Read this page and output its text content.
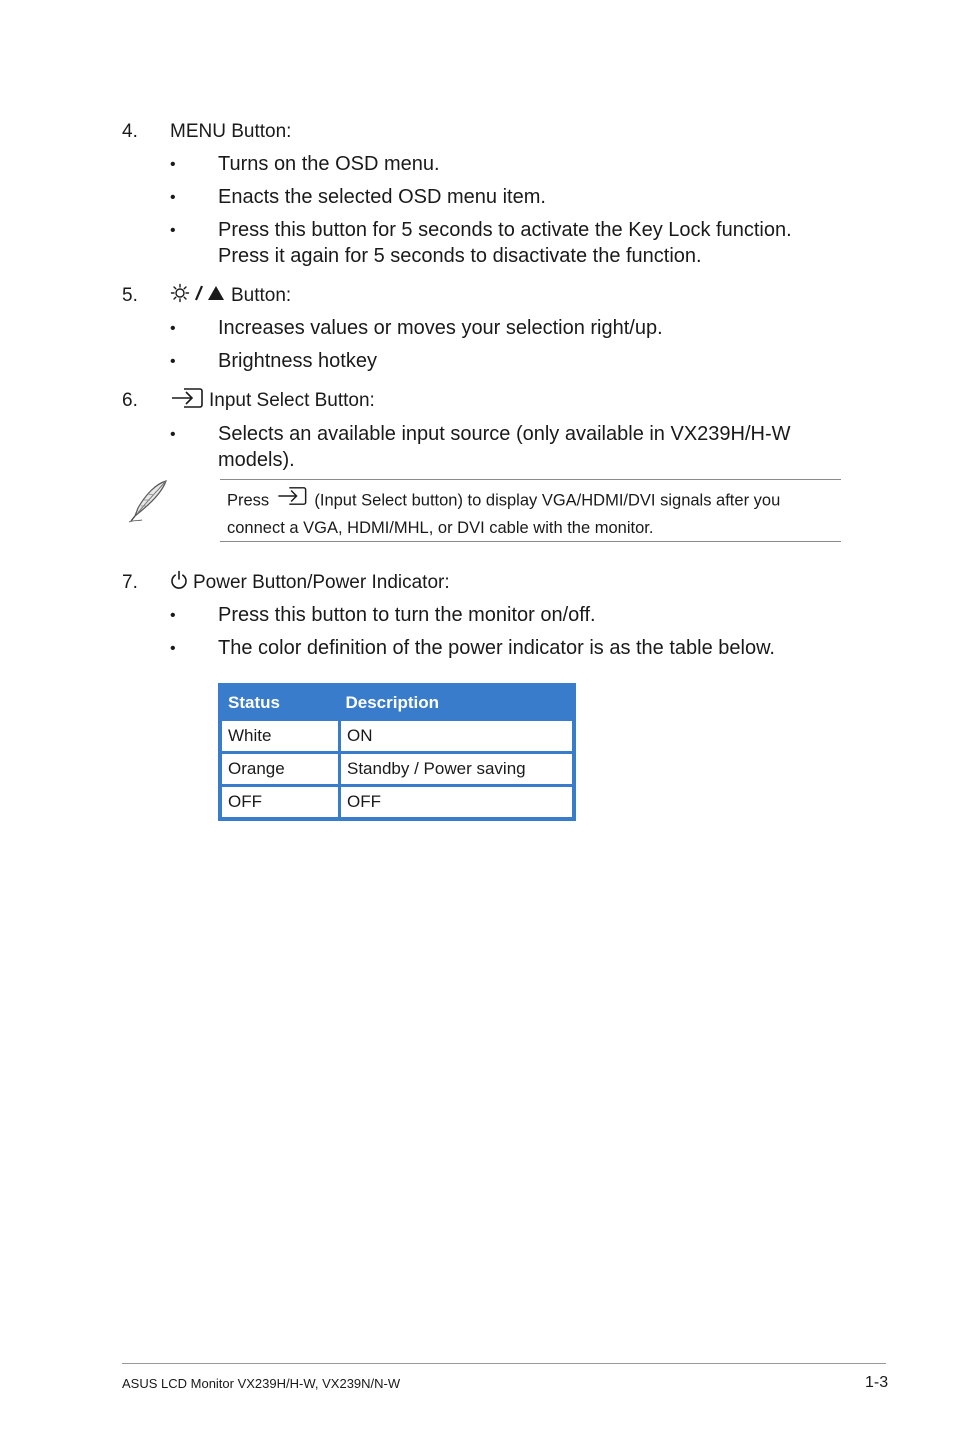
4. MENU Button:
• Turns on the OSD menu.
• Enacts the selected OSD menu item.
• Press this button for 5 seconds to activate the Key Lock function. Press it again for 5 seconds to disactivate the function.
5.	Button:
• Increases values or moves your selection right/up.
• Brightness hotkey
6.	Input Select Button:
• Selects an available input source (only available in VX239H/H-W models).
Press	(Input Select button) to display VGA/HDMI/DVI signals after you connect a VGA, HDMI/MHL, or DVI cable with the monitor.
7.	Power Button/Power Indicator:
• Press this button to turn the monitor on/off.
• The color definition of the power indicator is as the table below.
Status	Description
White	ON
Orange	Standby / Power saving
OFF	OFF
ASUS LCD Monitor VX239H/H-W, VX239N/N-W	1-3
